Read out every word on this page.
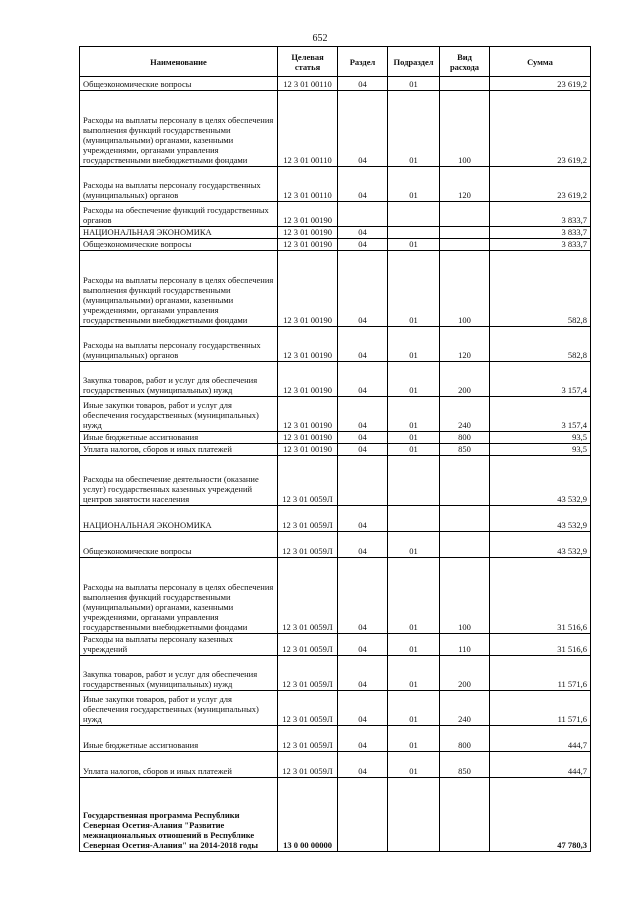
652
Наименование	Целевая статья	Раздел	Подраздел	Вид расхода	Сумма
Общеэкономические вопросы	12 3 01 00110	04	01		23 619,2
Расходы на выплаты персоналу в целях обеспечения выполнения функций государственными (муниципальными) органами, казенными учреждениями, органами управления государственными внебюджетными фондами	12 3 01 00110	04	01	100	23 619,2
Расходы на выплаты персоналу государственных (муниципальных) органов	12 3 01 00110	04	01	120	23 619,2
Расходы на обеспечение функций государственных органов	12 3 01 00190				3 833,7
НАЦИОНАЛЬНАЯ ЭКОНОМИКА	12 3 01 00190	04			3 833,7
Общеэкономические вопросы	12 3 01 00190	04	01		3 833,7
Расходы на выплаты персоналу в целях обеспечения выполнения функций государственными (муниципальными) органами, казенными учреждениями, органами управления государственными внебюджетными фондами	12 3 01 00190	04	01	100	582,8
Расходы на выплаты персоналу государственных (муниципальных) органов	12 3 01 00190	04	01	120	582,8
Закупка товаров, работ и услуг для обеспечения государственных (муниципальных) нужд	12 3 01 00190	04	01	200	3 157,4
Иные закупки товаров, работ и услуг для обеспечения государственных (муниципальных) нужд	12 3 01 00190	04	01	240	3 157,4
Иные бюджетные ассигнования	12 3 01 00190	04	01	800	93,5
Уплата налогов, сборов и иных платежей	12 3 01 00190	04	01	850	93,5
Расходы на обеспечение деятельности (оказание услуг) государственных казенных учреждений центров занятости населения	12 3 01 0059Л				43 532,9
НАЦИОНАЛЬНАЯ ЭКОНОМИКА	12 3 01 0059Л	04			43 532,9
Общеэкономические вопросы	12 3 01 0059Л	04	01		43 532,9
Расходы на выплаты персоналу в целях обеспечения выполнения функций государственными (муниципальными) органами, казенными учреждениями, органами управления государственными внебюджетными фондами	12 3 01 0059Л	04	01	100	31 516,6
Расходы на выплаты персоналу казенных учреждений	12 3 01 0059Л	04	01	110	31 516,6
Закупка товаров, работ и услуг для обеспечения государственных (муниципальных) нужд	12 3 01 0059Л	04	01	200	11 571,6
Иные закупки товаров, работ и услуг для обеспечения государственных (муниципальных) нужд	12 3 01 0059Л	04	01	240	11 571,6
Иные бюджетные ассигнования	12 3 01 0059Л	04	01	800	444,7
Уплата налогов, сборов и иных платежей	12 3 01 0059Л	04	01	850	444,7
Государственная программа Республики Северная Осетия-Алания "Развитие межнациональных отношений в Республике Северная Осетия-Алания" на 2014-2018 годы	13 0 00 00000				47 780,3
